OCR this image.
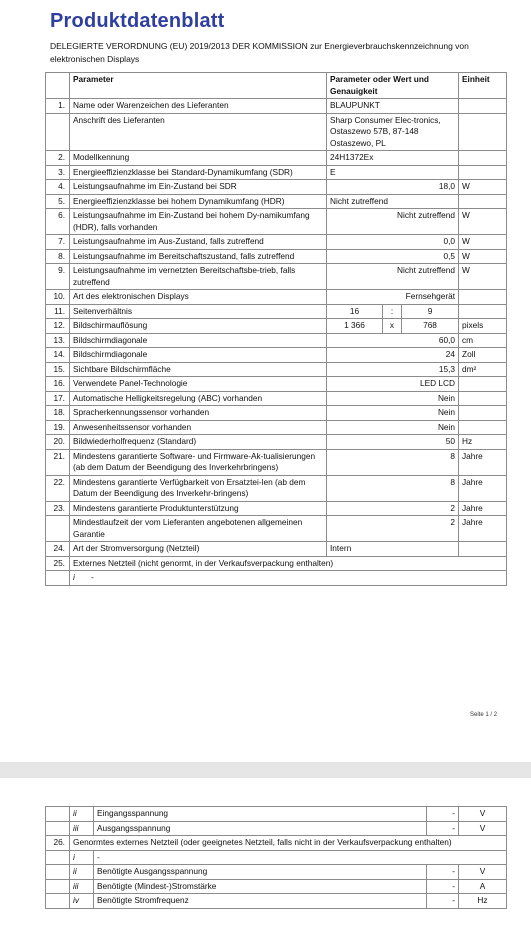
Produktdatenblatt
DELEGIERTE VERORDNUNG (EU) 2019/2013 DER KOMMISSION zur Energieverbrauchskennzeichnung von elektronischen Displays
	Parameter	Parameter oder Wert und Genauigkeit			Einheit
1.	Name oder Warenzeichen des Lieferanten	BLAUPUNKT			
	Anschrift des Lieferanten	Sharp Consumer Elec-tronics, Ostaszewo 57B, 87-148 Ostaszewo, PL			
2.	Modellkennung	24H1372Ex			
3.	Energieeffizienzklasse bei Standard-Dynamikumfang (SDR)	E			
4.	Leistungsaufnahme im Ein-Zustand bei SDR	18,0			W
5.	Energieeffizienzklasse bei hohem Dynamikumfang (HDR)	Nicht zutreffend			
6.	Leistungsaufnahme im Ein-Zustand bei hohem Dy-namikumfang (HDR), falls vorhanden	Nicht zutreffend			W
7.	Leistungsaufnahme im Aus-Zustand, falls zutreffend	0,0			W
8.	Leistungsaufnahme im Bereitschaftszustand, falls zutreffend	0,5			W
9.	Leistungsaufnahme im vernetzten Bereitschaftsbe-trieb, falls zutreffend	Nicht zutreffend			W
10.	Art des elektronischen Displays	Fernsehgerät			
11.	Seitenverhältnis	16	:	9	
12.	Bildschirmauflösung	1 366	x	768	pixels
13.	Bildschirmdiagonale	60,0			cm
14.	Bildschirmdiagonale	24			Zoll
15.	Sichtbare Bildschirmfläche	15,3			dm²
16.	Verwendete Panel-Technologie	LED LCD			
17.	Automatische Helligkeitsregelung (ABC) vorhanden	Nein			
18.	Spracherkennungssensor vorhanden	Nein			
19.	Anwesenheitssensor vorhanden	Nein			
20.	Bildwiederholfrequenz (Standard)	50			Hz
21.	Mindestens garantierte Software- und Firmware-Ak-tualisierungen (ab dem Datum der Beendigung des Inverkehrbringens)	8			Jahre
22.	Mindestens garantierte Verfügbarkeit von Ersatztei-len (ab dem Datum der Beendigung des Inverkehr-bringens)	8			Jahre
23.	Mindestens garantierte Produktunterstützung	2			Jahre
	Mindestlaufzeit der vom Lieferanten angebotenen allgemeinen Garantie	2			Jahre
24.	Art der Stromversorgung (Netzteil)	Intern			
25.	Externes Netzteil (nicht genormt, in der Verkaufsverpackung enthalten)				
	i -				
Seite 1 / 2
	ii	Eingangsspannung	-	V
	iii	Ausgangsspannung	-	V
26.	Genormtes externes Netzteil (oder geeignetes Netzteil, falls nicht in der Verkaufsverpackung enthalten)			
	i	-		
	ii	Benötigte Ausgangsspannung	-	V
	iii	Benötigte (Mindest-)Stromstärke	-	A
	iv	Benötigte Stromfrequenz	-	Hz
